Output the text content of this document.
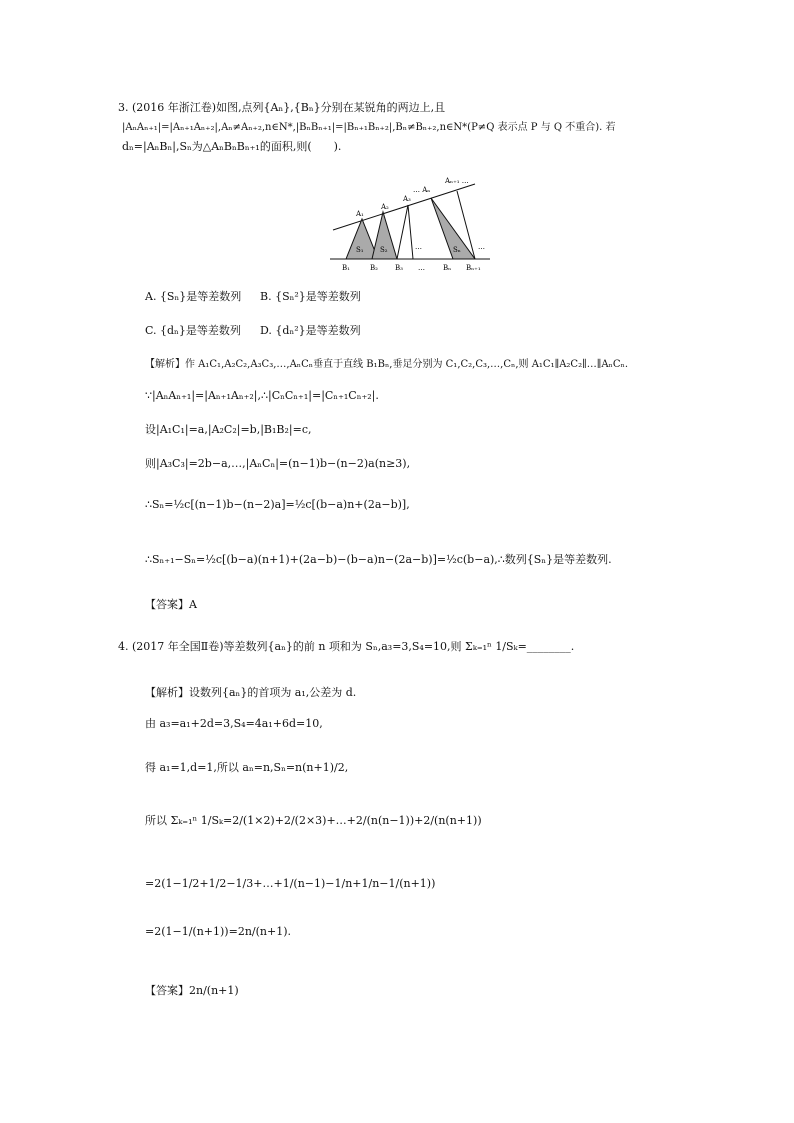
3. (2016 年浙江卷)如图,点列{Aₙ},{Bₙ}分别在某锐角的两边上,且
|AₙAₙ₊₁|=|Aₙ₊₁Aₙ₊₂|,Aₙ≠Aₙ₊₂,n∈N*,|BₙBₙ₊₁|=|Bₙ₊₁Bₙ₊₂|,Bₙ≠Bₙ₊₂,n∈N*(P≠Q 表示点 P 与 Q 不重合). 若
dₙ=|AₙBₙ|,Sₙ为△AₙBₙBₙ₊₁的面积,则(　　).
A₁
A₂
A₃
… Aₙ
Aₙ₊₁ …
S₁ S₂	…	Sₙ …
B₁	B₂ B₃ …	Bₙ Bₙ₊₁
A. {Sₙ}是等差数列 B. {Sₙ²}是等差数列
C. {dₙ}是等差数列 D. {dₙ²}是等差数列
【解析】作 A₁C₁,A₂C₂,A₃C₃,…,AₙCₙ垂直于直线 B₁Bₙ,垂足分别为 C₁,C₂,C₃,…,Cₙ,则 A₁C₁∥A₂C₂∥…∥AₙCₙ.
∵|AₙAₙ₊₁|=|Aₙ₊₁Aₙ₊₂|,∴|CₙCₙ₊₁|=|Cₙ₊₁Cₙ₊₂|.
设|A₁C₁|=a,|A₂C₂|=b,|B₁B₂|=c,
则|A₃C₃|=2b−a,…,|AₙCₙ|=(n−1)b−(n−2)a(n≥3),
∴Sₙ=½c[(n−1)b−(n−2)a]=½c[(b−a)n+(2a−b)],
∴Sₙ₊₁−Sₙ=½c[(b−a)(n+1)+(2a−b)−(b−a)n−(2a−b)]=½c(b−a),∴数列{Sₙ}是等差数列.
【答案】A
4. (2017 年全国Ⅱ卷)等差数列{aₙ}的前 n 项和为 Sₙ,a₃=3,S₄=10,则 Σₖ₌₁ⁿ 1/Sₖ=________.
【解析】设数列{aₙ}的首项为 a₁,公差为 d.
由 a₃=a₁+2d=3,S₄=4a₁+6d=10,
得 a₁=1,d=1,所以 aₙ=n,Sₙ=n(n+1)/2,
所以 Σₖ₌₁ⁿ 1/Sₖ=2/(1×2)+2/(2×3)+…+2/(n(n−1))+2/(n(n+1))
=2(1−1/2+1/2−1/3+…+1/(n−1)−1/n+1/n−1/(n+1))
=2(1−1/(n+1))=2n/(n+1).
【答案】2n/(n+1)
